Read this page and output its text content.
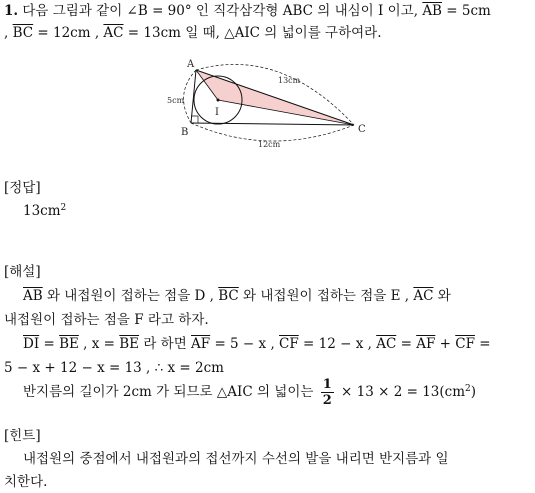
1. 다음 그림과 같이 ∠B = 90° 인 직각삼각형 ABC 의 내심이 I 이고, $\overline{AB} = 5cm$
, $\overline{BC} = 12cm$ , $\overline{AC} = 13cm$ 일 때, △AIC 의 넓이를 구하여라.
A
B	C
I
13cm
5cm
12cm
[정답]
$13cm^2$
[해설]
$\overline{AB}$ 와 내접원이 접하는 점을 D , $\overline{BC}$ 와 내접원이 접하는 점을 E , $\overline{AC}$ 와
내접원이 접하는 점을 F 라고 하자.
$\overline{DI} = \overline{BE}$ , $x = \overline{BE}$ 라 하면 $\overline{AF} = 5 - x$ , $\overline{CF} = 12 - x$ , $\overline{AC} = \overline{AF} + \overline{CF}$ =
5 − x + 12 − x = 13 , ∴ x = 2cm
반지름의 길이가 2cm 가 되므로 △AIC 의 넓이는 $\frac{1}{2} \times 13 \times 2 = 13(cm^2)$
[힌트]
내접원의 중점에서 내접원과의 접선까지 수선의 발을 내리면 반지름과 일
치한다.
